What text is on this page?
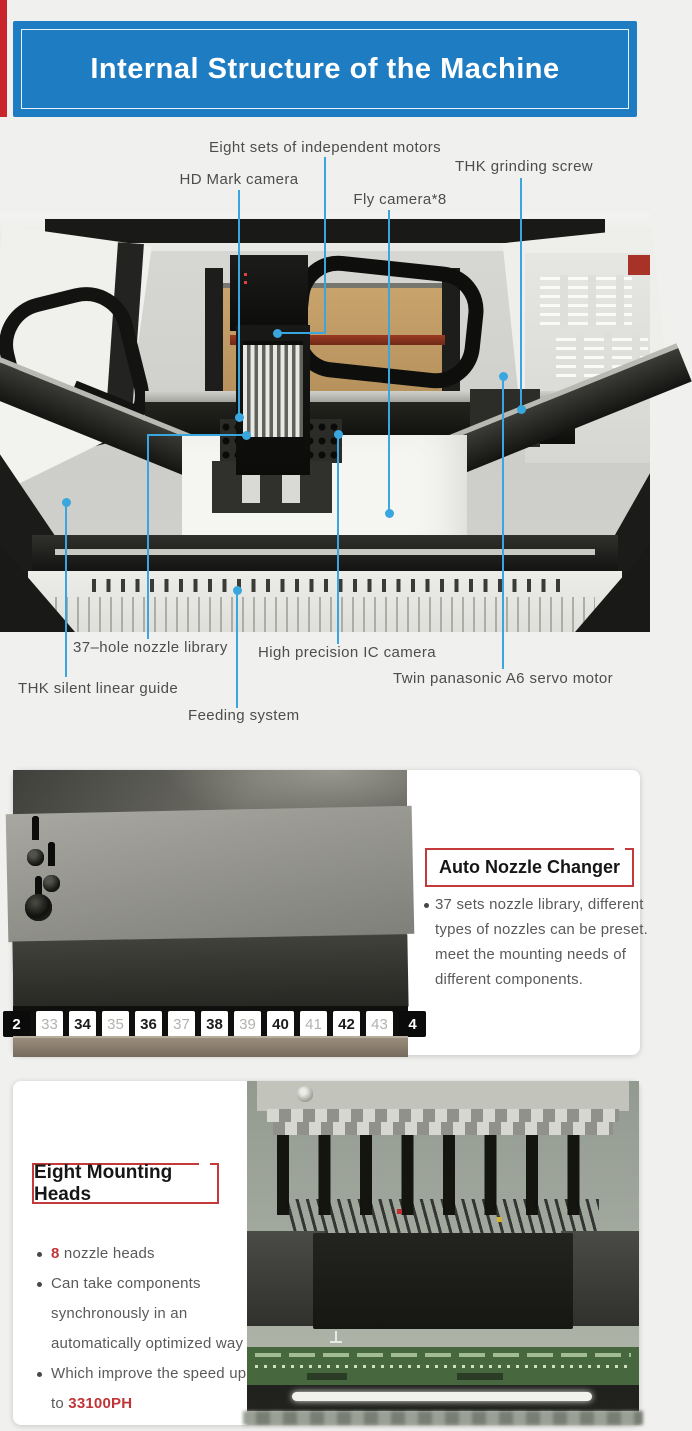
Internal Structure of the Machine
Eight sets of independent motors
HD Mark camera
Fly camera*8
THK grinding screw
37–hole nozzle library High precision IC camera
THK silent linear guide
Twin panasonic A6 servo motor
Feeding system
2	33	34	35	36	37	38	39	40	41	42	43	4
Auto Nozzle Changer
37 sets nozzle library, different
types of nozzles can be preset.
meet the mounting needs of
different components.
Eight Mounting Heads
8 nozzle heads
Can take components
synchronously in an
automatically optimized way
Which improve the speed up
to 33100PH
